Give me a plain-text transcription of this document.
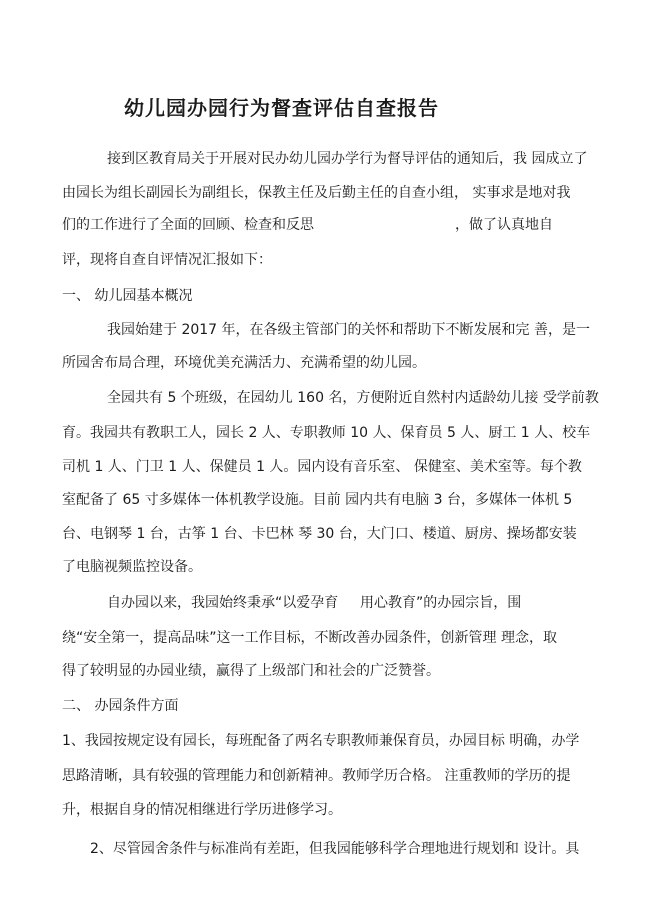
幼儿园办园行为督查评估自查报告

接到区教育局关于开展对民办幼儿园办学行为督导评估的通知后，我 园成立了

由园长为组长副园长为副组长，保教主任及后勤主任的自查小组， 实事求是地对我

们的工作进行了全面的回顾、检查和反思	，做了认真地自

评，现将自查自评情况汇报如下：

一、 幼儿园基本概况

我园始建于 2017 年，在各级主管部门的关怀和帮助下不断发展和完 善，是一

所园舍布局合理，环境优美充满活力、充满希望的幼儿园。

全园共有 5 个班级，在园幼儿 160 名，方便附近自然村内适龄幼儿接 受学前教

育。我园共有教职工人，园长 2 人、专职教师 10 人、保育员 5 人、厨工 1 人、校车

司机 1 人、门卫 1 人、保健员 1 人。园内设有音乐室、 保健室、美术室等。每个教

室配备了 65 寸多媒体一体机教学设施。目前 园内共有电脑 3 台，多媒体一体机 5

台、电钢琴 1 台，古筝 1 台、卡巴林 琴 30 台，大门口、楼道、厨房、操场都安装

了电脑视频监控设备。

自办园以来，我园始终秉承“以爱孕育 用心教育”的办园宗旨，围

绕“安全第一，提高品味”这一工作目标，不断改善办园条件，创新管理 理念，取

得了较明显的办园业绩，赢得了上级部门和社会的广泛赞誉。

二、 办园条件方面

1、我园按规定设有园长，每班配备了两名专职教师兼保育员，办园目标 明确，办学

思路清晰，具有较强的管理能力和创新精神。教师学历合格。 注重教师的学历的提

升，根据自身的情况相继进行学历进修学习。

2、尽管园舍条件与标准尚有差距，但我园能够科学合理地进行规划和 设计。具
